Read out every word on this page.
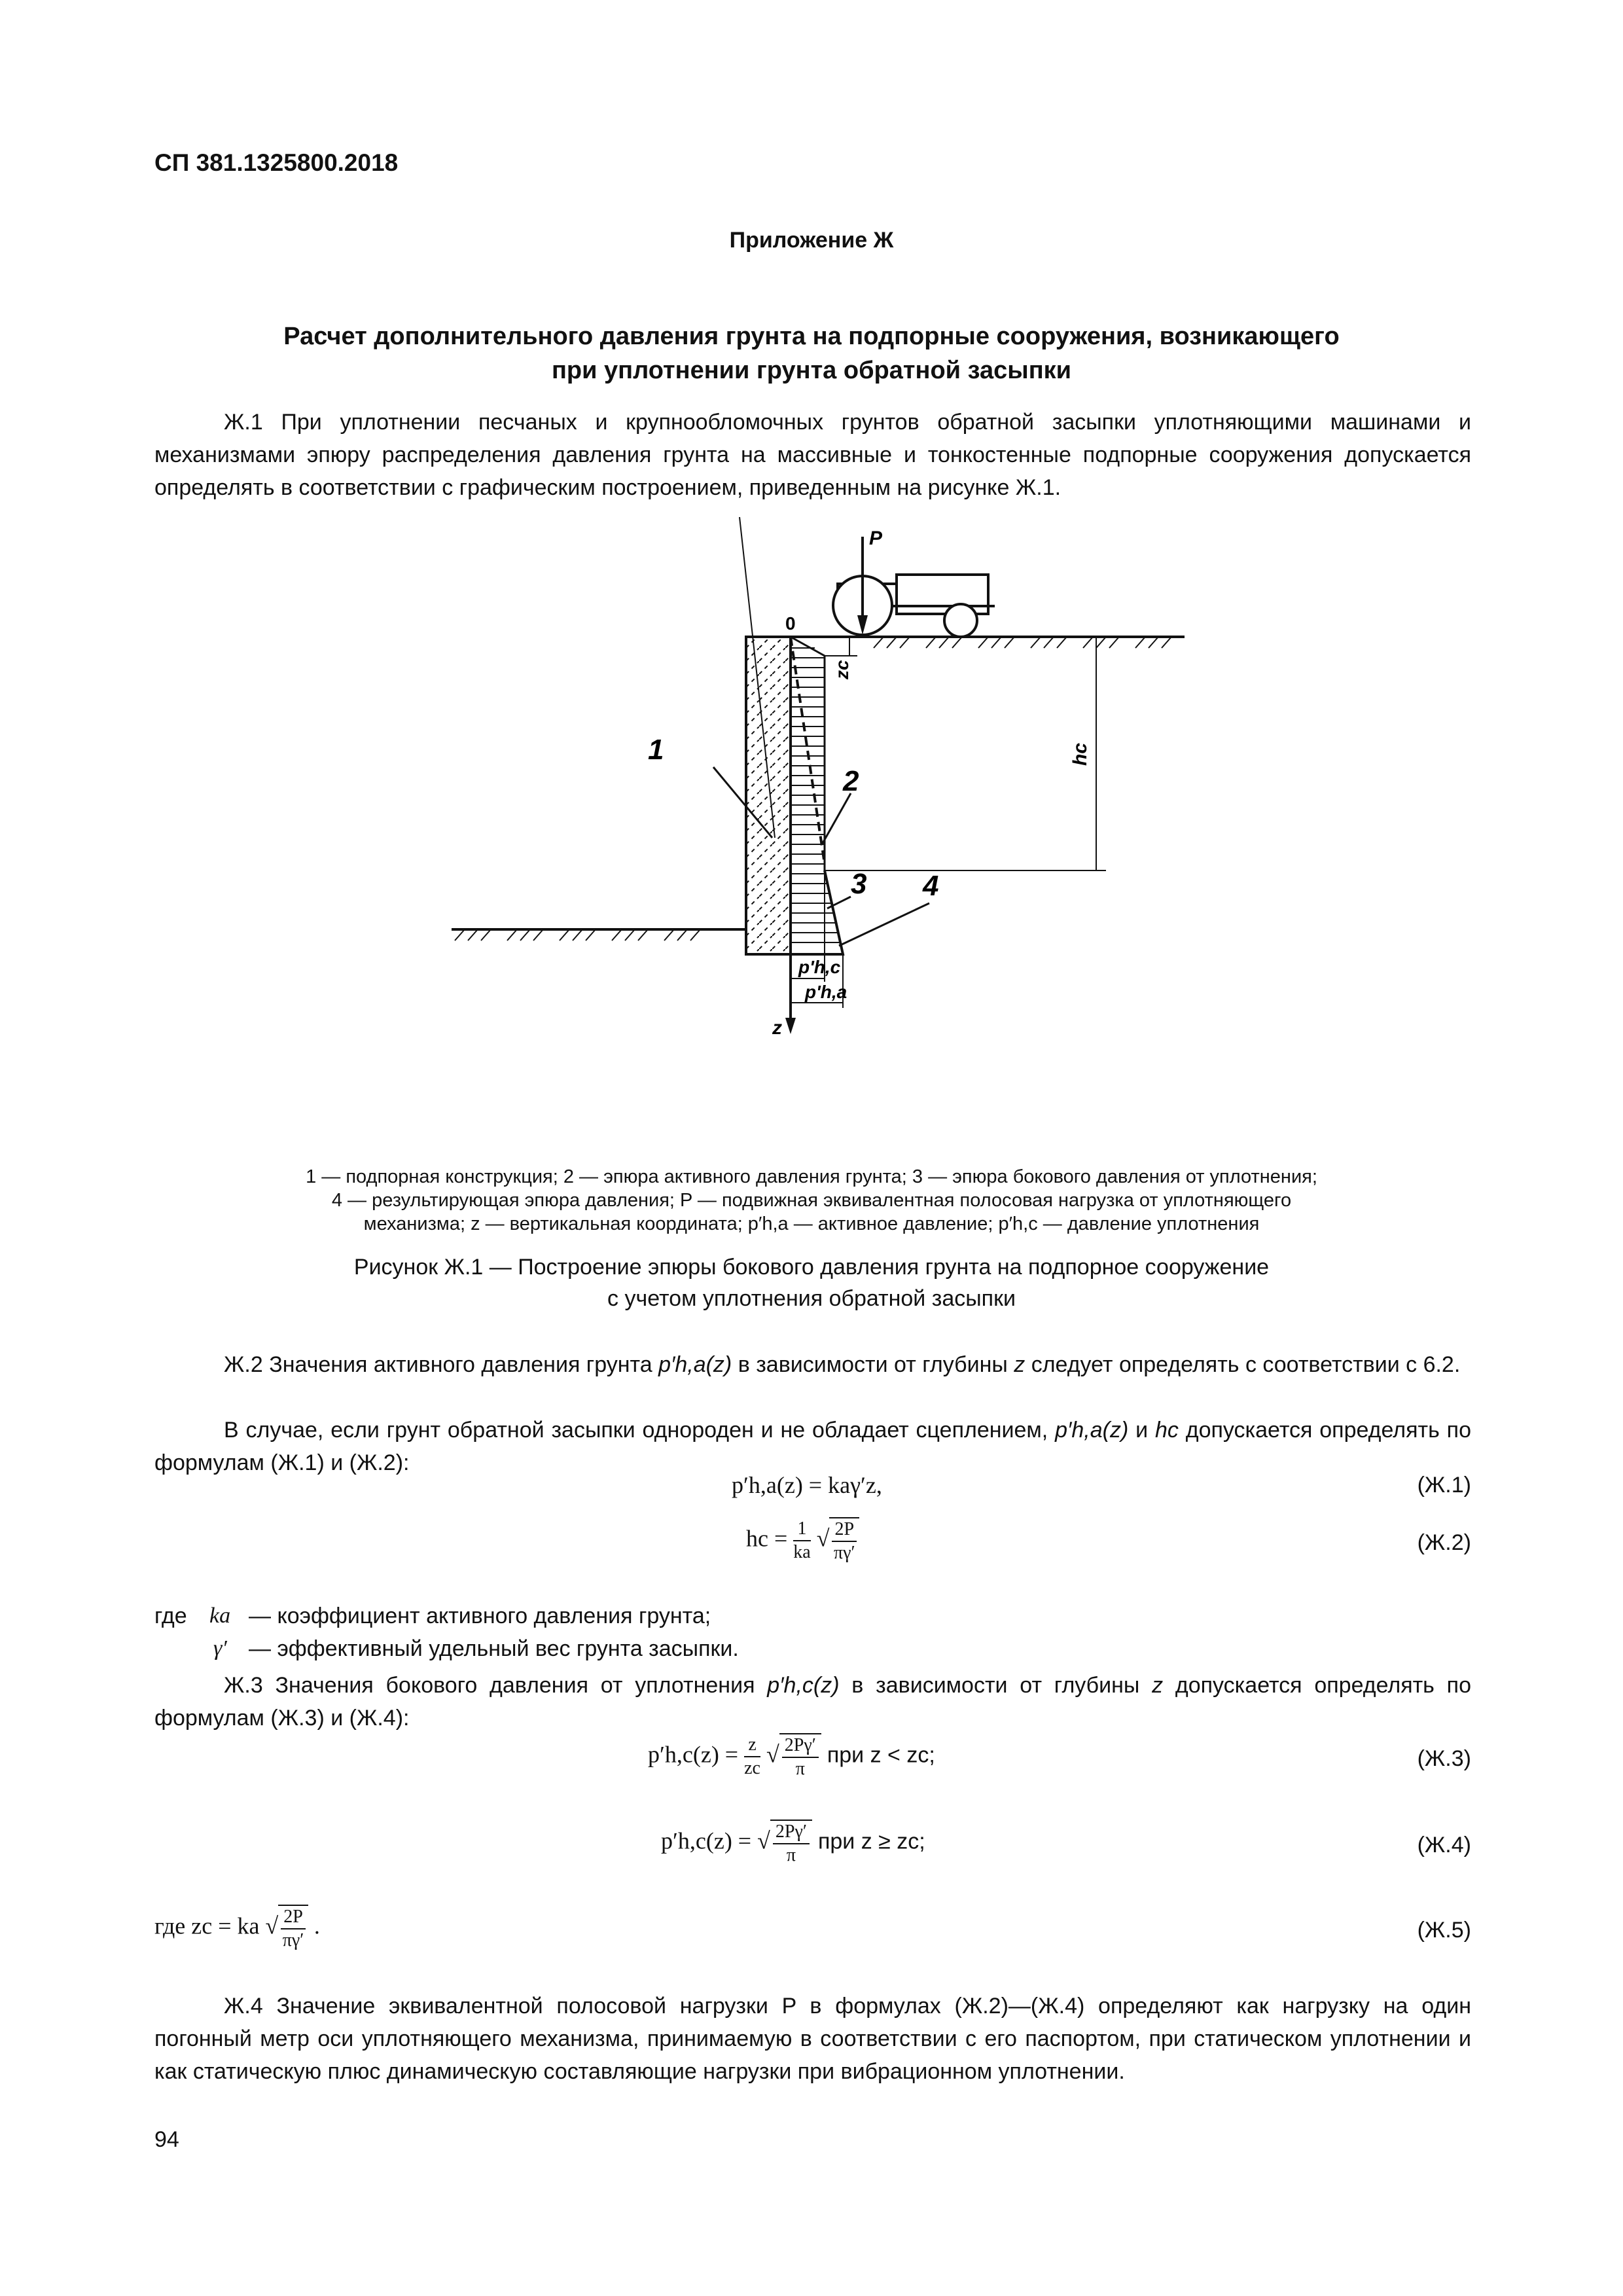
СП 381.1325800.2018
Приложение Ж
Расчет дополнительного давления грунта на подпорные сооружения, возникающего
при уплотнении грунта обратной засыпки
Ж.1 При уплотнении песчаных и крупнообломочных грунтов обратной засыпки уплотняющими машинами и механизмами эпюру распределения давления грунта на массивные и тонкостенные подпорные сооружения допускается определять в соответствии с графическим построением, приведенным на рисунке Ж.1.
z
0
p'h,c
p'h,a
zc
hc
P
1
2
3 4
1 — подпорная конструкция; 2 — эпюра активного давления грунта; 3 — эпюра бокового давления от уплотнения;
4 — результирующая эпюра давления; P — подвижная эквивалентная полосовая нагрузка от уплотняющего
механизма; z — вертикальная координата; p′h,a — активное давление; p′h,c — давление уплотнения
Рисунок Ж.1 — Построение эпюры бокового давления грунта на подпорное сооружение
с учетом уплотнения обратной засыпки
Ж.2 Значения активного давления грунта p′h,a(z) в зависимости от глубины z следует определять с соответствии с 6.2.
В случае, если грунт обратной засыпки однороден и не обладает сцеплением, p′h,a(z) и hc допускается определять по формулам (Ж.1) и (Ж.2):
p′h,a(z) = kaγ′z,	(Ж.1)
hc = $\frac{1}{ka}$ √ $\frac{2P}{\pi\gamma'}$	(Ж.2)
где ka — коэффициент активного давления грунта;
γ′ — эффективный удельный вес грунта засыпки.
Ж.3 Значения бокового давления от уплотнения p′h,c(z) в зависимости от глубины z допускается определять по формулам (Ж.3) и (Ж.4):
$p'h,c(z) = \frac{z}{zc}$ √ $\frac{2P\gamma'}{\pi}$ при z < zc;	(Ж.3)
p′h,c(z) = √ $\frac{2P\gamma'}{\pi}$ при z ≥ zc;	(Ж.4)
где zc = ka √ $\frac{2P}{\pi\gamma'}$ .	(Ж.5)
Ж.4 Значение эквивалентной полосовой нагрузки P в формулах (Ж.2)—(Ж.4) определяют как нагрузку на один погонный метр оси уплотняющего механизма, принимаемую в соответствии с его паспортом, при статическом уплотнении и как статическую плюс динамическую составляющие нагрузки при вибрационном уплотнении.
94
